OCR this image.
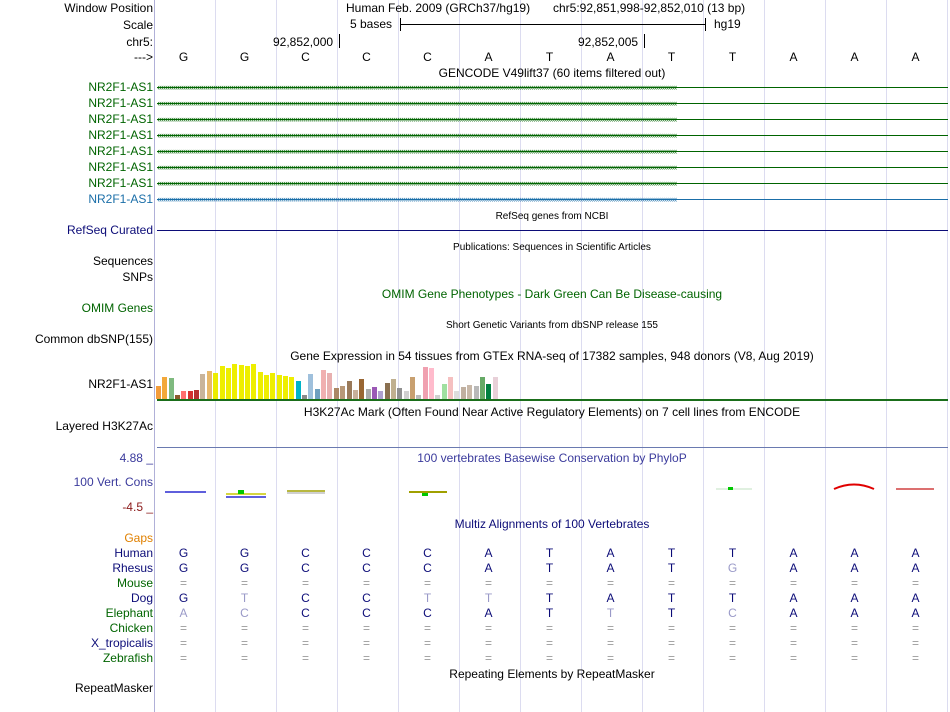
Window Position
Scale
chr5:
--->
Human Feb. 2009 (GRCh37/hg19) chr5:92,851,998-92,852,010 (13 bp)
5 bases	hg19
92,852,000	92,852,005
G	G	C	C	C	A	T	A	T	T	A	A	A
GENCODE V49lift37 (60 items filtered out)
NR2F1-AS1 ‹‹‹‹‹‹‹‹‹‹‹‹‹‹‹‹‹‹‹‹‹‹‹‹‹‹‹‹‹‹‹‹‹‹‹‹‹‹‹‹‹‹‹‹‹‹‹‹‹‹‹‹‹‹‹‹‹‹‹‹‹‹‹‹‹‹‹‹‹‹‹‹‹‹‹‹‹‹‹‹‹‹‹‹‹‹‹‹‹‹‹‹‹‹‹‹‹‹‹‹‹‹‹‹‹‹‹‹‹‹‹‹‹‹‹‹‹‹‹‹‹‹‹‹‹‹‹‹‹‹‹‹‹‹‹‹‹‹‹‹‹‹‹‹‹‹‹‹‹‹‹‹‹‹‹‹‹‹‹‹‹‹‹‹‹‹‹‹‹‹‹‹‹‹‹‹‹‹‹‹‹‹‹‹‹‹‹‹‹‹‹‹‹‹‹‹‹‹‹‹‹‹‹‹‹‹‹‹‹‹‹‹‹‹‹‹‹‹‹‹‹‹‹‹‹‹‹‹‹‹‹‹‹‹‹‹‹‹‹‹‹‹‹‹‹‹‹‹‹‹‹‹‹‹‹‹‹‹‹‹
NR2F1-AS1 ‹‹‹‹‹‹‹‹‹‹‹‹‹‹‹‹‹‹‹‹‹‹‹‹‹‹‹‹‹‹‹‹‹‹‹‹‹‹‹‹‹‹‹‹‹‹‹‹‹‹‹‹‹‹‹‹‹‹‹‹‹‹‹‹‹‹‹‹‹‹‹‹‹‹‹‹‹‹‹‹‹‹‹‹‹‹‹‹‹‹‹‹‹‹‹‹‹‹‹‹‹‹‹‹‹‹‹‹‹‹‹‹‹‹‹‹‹‹‹‹‹‹‹‹‹‹‹‹‹‹‹‹‹‹‹‹‹‹‹‹‹‹‹‹‹‹‹‹‹‹‹‹‹‹‹‹‹‹‹‹‹‹‹‹‹‹‹‹‹‹‹‹‹‹‹‹‹‹‹‹‹‹‹‹‹‹‹‹‹‹‹‹‹‹‹‹‹‹‹‹‹‹‹‹‹‹‹‹‹‹‹‹‹‹‹‹‹‹‹‹‹‹‹‹‹‹‹‹‹‹‹‹‹‹‹‹‹‹‹‹‹‹‹‹‹‹‹‹‹‹‹‹‹‹‹‹‹‹‹‹
NR2F1-AS1 ‹‹‹‹‹‹‹‹‹‹‹‹‹‹‹‹‹‹‹‹‹‹‹‹‹‹‹‹‹‹‹‹‹‹‹‹‹‹‹‹‹‹‹‹‹‹‹‹‹‹‹‹‹‹‹‹‹‹‹‹‹‹‹‹‹‹‹‹‹‹‹‹‹‹‹‹‹‹‹‹‹‹‹‹‹‹‹‹‹‹‹‹‹‹‹‹‹‹‹‹‹‹‹‹‹‹‹‹‹‹‹‹‹‹‹‹‹‹‹‹‹‹‹‹‹‹‹‹‹‹‹‹‹‹‹‹‹‹‹‹‹‹‹‹‹‹‹‹‹‹‹‹‹‹‹‹‹‹‹‹‹‹‹‹‹‹‹‹‹‹‹‹‹‹‹‹‹‹‹‹‹‹‹‹‹‹‹‹‹‹‹‹‹‹‹‹‹‹‹‹‹‹‹‹‹‹‹‹‹‹‹‹‹‹‹‹‹‹‹‹‹‹‹‹‹‹‹‹‹‹‹‹‹‹‹‹‹‹‹‹‹‹‹‹‹‹‹‹‹‹‹‹‹‹‹‹‹‹‹‹
NR2F1-AS1 ‹‹‹‹‹‹‹‹‹‹‹‹‹‹‹‹‹‹‹‹‹‹‹‹‹‹‹‹‹‹‹‹‹‹‹‹‹‹‹‹‹‹‹‹‹‹‹‹‹‹‹‹‹‹‹‹‹‹‹‹‹‹‹‹‹‹‹‹‹‹‹‹‹‹‹‹‹‹‹‹‹‹‹‹‹‹‹‹‹‹‹‹‹‹‹‹‹‹‹‹‹‹‹‹‹‹‹‹‹‹‹‹‹‹‹‹‹‹‹‹‹‹‹‹‹‹‹‹‹‹‹‹‹‹‹‹‹‹‹‹‹‹‹‹‹‹‹‹‹‹‹‹‹‹‹‹‹‹‹‹‹‹‹‹‹‹‹‹‹‹‹‹‹‹‹‹‹‹‹‹‹‹‹‹‹‹‹‹‹‹‹‹‹‹‹‹‹‹‹‹‹‹‹‹‹‹‹‹‹‹‹‹‹‹‹‹‹‹‹‹‹‹‹‹‹‹‹‹‹‹‹‹‹‹‹‹‹‹‹‹‹‹‹‹‹‹‹‹‹‹‹‹‹‹‹‹‹‹‹‹
NR2F1-AS1 ‹‹‹‹‹‹‹‹‹‹‹‹‹‹‹‹‹‹‹‹‹‹‹‹‹‹‹‹‹‹‹‹‹‹‹‹‹‹‹‹‹‹‹‹‹‹‹‹‹‹‹‹‹‹‹‹‹‹‹‹‹‹‹‹‹‹‹‹‹‹‹‹‹‹‹‹‹‹‹‹‹‹‹‹‹‹‹‹‹‹‹‹‹‹‹‹‹‹‹‹‹‹‹‹‹‹‹‹‹‹‹‹‹‹‹‹‹‹‹‹‹‹‹‹‹‹‹‹‹‹‹‹‹‹‹‹‹‹‹‹‹‹‹‹‹‹‹‹‹‹‹‹‹‹‹‹‹‹‹‹‹‹‹‹‹‹‹‹‹‹‹‹‹‹‹‹‹‹‹‹‹‹‹‹‹‹‹‹‹‹‹‹‹‹‹‹‹‹‹‹‹‹‹‹‹‹‹‹‹‹‹‹‹‹‹‹‹‹‹‹‹‹‹‹‹‹‹‹‹‹‹‹‹‹‹‹‹‹‹‹‹‹‹‹‹‹‹‹‹‹‹‹‹‹‹‹‹‹‹‹
NR2F1-AS1 ‹‹‹‹‹‹‹‹‹‹‹‹‹‹‹‹‹‹‹‹‹‹‹‹‹‹‹‹‹‹‹‹‹‹‹‹‹‹‹‹‹‹‹‹‹‹‹‹‹‹‹‹‹‹‹‹‹‹‹‹‹‹‹‹‹‹‹‹‹‹‹‹‹‹‹‹‹‹‹‹‹‹‹‹‹‹‹‹‹‹‹‹‹‹‹‹‹‹‹‹‹‹‹‹‹‹‹‹‹‹‹‹‹‹‹‹‹‹‹‹‹‹‹‹‹‹‹‹‹‹‹‹‹‹‹‹‹‹‹‹‹‹‹‹‹‹‹‹‹‹‹‹‹‹‹‹‹‹‹‹‹‹‹‹‹‹‹‹‹‹‹‹‹‹‹‹‹‹‹‹‹‹‹‹‹‹‹‹‹‹‹‹‹‹‹‹‹‹‹‹‹‹‹‹‹‹‹‹‹‹‹‹‹‹‹‹‹‹‹‹‹‹‹‹‹‹‹‹‹‹‹‹‹‹‹‹‹‹‹‹‹‹‹‹‹‹‹‹‹‹‹‹‹‹‹‹‹‹‹‹
NR2F1-AS1 ‹‹‹‹‹‹‹‹‹‹‹‹‹‹‹‹‹‹‹‹‹‹‹‹‹‹‹‹‹‹‹‹‹‹‹‹‹‹‹‹‹‹‹‹‹‹‹‹‹‹‹‹‹‹‹‹‹‹‹‹‹‹‹‹‹‹‹‹‹‹‹‹‹‹‹‹‹‹‹‹‹‹‹‹‹‹‹‹‹‹‹‹‹‹‹‹‹‹‹‹‹‹‹‹‹‹‹‹‹‹‹‹‹‹‹‹‹‹‹‹‹‹‹‹‹‹‹‹‹‹‹‹‹‹‹‹‹‹‹‹‹‹‹‹‹‹‹‹‹‹‹‹‹‹‹‹‹‹‹‹‹‹‹‹‹‹‹‹‹‹‹‹‹‹‹‹‹‹‹‹‹‹‹‹‹‹‹‹‹‹‹‹‹‹‹‹‹‹‹‹‹‹‹‹‹‹‹‹‹‹‹‹‹‹‹‹‹‹‹‹‹‹‹‹‹‹‹‹‹‹‹‹‹‹‹‹‹‹‹‹‹‹‹‹‹‹‹‹‹‹‹‹‹‹‹‹‹‹‹‹
NR2F1-AS1 ‹‹‹‹‹‹‹‹‹‹‹‹‹‹‹‹‹‹‹‹‹‹‹‹‹‹‹‹‹‹‹‹‹‹‹‹‹‹‹‹‹‹‹‹‹‹‹‹‹‹‹‹‹‹‹‹‹‹‹‹‹‹‹‹‹‹‹‹‹‹‹‹‹‹‹‹‹‹‹‹‹‹‹‹‹‹‹‹‹‹‹‹‹‹‹‹‹‹‹‹‹‹‹‹‹‹‹‹‹‹‹‹‹‹‹‹‹‹‹‹‹‹‹‹‹‹‹‹‹‹‹‹‹‹‹‹‹‹‹‹‹‹‹‹‹‹‹‹‹‹‹‹‹‹‹‹‹‹‹‹‹‹‹‹‹‹‹‹‹‹‹‹‹‹‹‹‹‹‹‹‹‹‹‹‹‹‹‹‹‹‹‹‹‹‹‹‹‹‹‹‹‹‹‹‹‹‹‹‹‹‹‹‹‹‹‹‹‹‹‹‹‹‹‹‹‹‹‹‹‹‹‹‹‹‹‹‹‹‹‹‹‹‹‹‹‹‹‹‹‹‹‹‹‹‹‹‹‹‹‹
RefSeq genes from NCBI
RefSeq Curated
Publications: Sequences in Scientific Articles
Sequences
SNPs
OMIM Gene Phenotypes - Dark Green Can Be Disease-causing
OMIM Genes
Short Genetic Variants from dbSNP release 155
Common dbSNP(155)
Gene Expression in 54 tissues from GTEx RNA-seq of 17382 samples, 948 donors (V8, Aug 2019)
NR2F1-AS1
H3K27Ac Mark (Often Found Near Active Regulatory Elements) on 7 cell lines from ENCODE
Layered H3K27Ac
100 vertebrates Basewise Conservation by PhyloP
4.88 _
100 Vert. Cons
-4.5 _
Multiz Alignments of 100 Vertebrates
Gaps
Human G	G	C	C	C	A	T	A	T	T	A	A	A
Rhesus G	G	C	C	C	A	T	A	T	G	A	A	A
Mouse =	=	=	=	=	=	=	=	=	=	=	=	=
Dog G	T	C	C	T	T	T	A	T	T	A	A	A
Elephant A	C	C	C	C	A	T	T	T	C	A	A	A
Chicken =	=	=	=	=	=	=	=	=	=	=	=	=
X_tropicalis =	=	=	=	=	=	=	=	=	=	=	=	=
Zebrafish =	=	=	=	=	=	=	=	=	=	=	=	=
Repeating Elements by RepeatMasker
RepeatMasker
